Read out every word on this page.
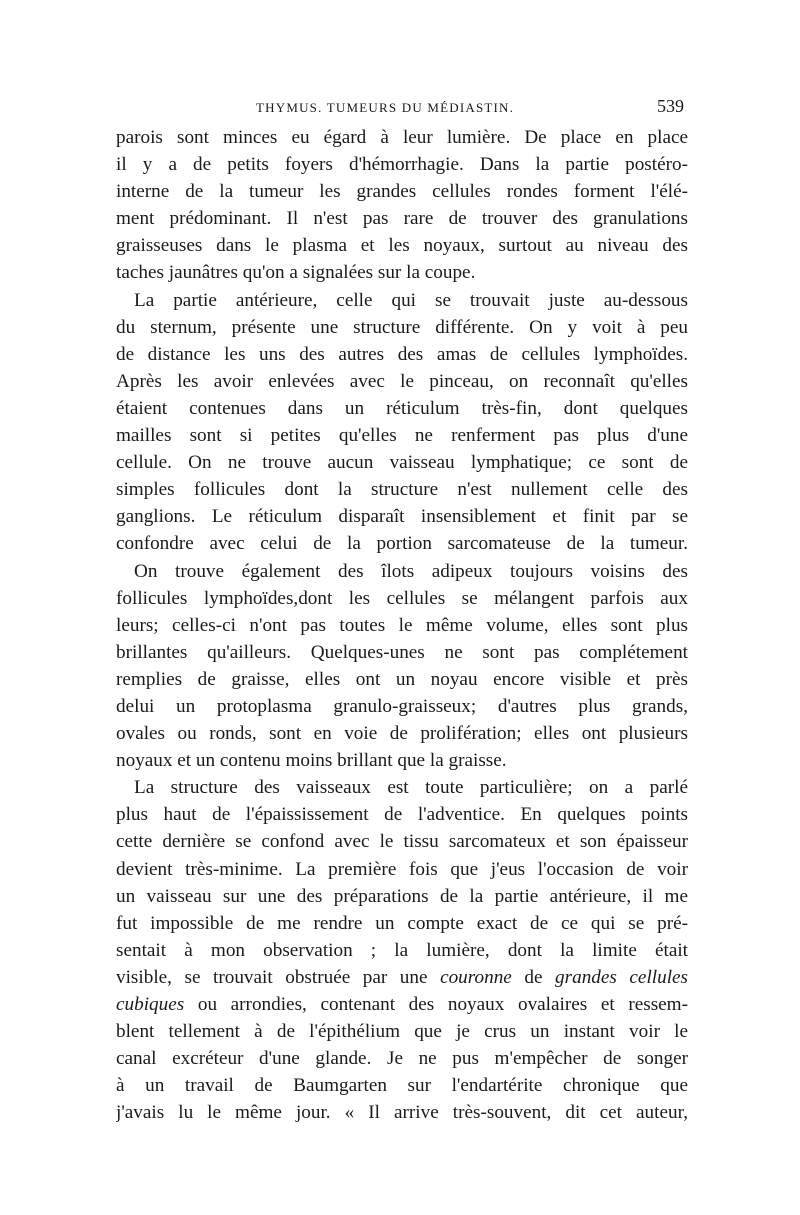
THYMUS. TUMEURS DU MÉDIASTIN.	539
parois sont minces eu égard à leur lumière. De place en place
il y a de petits foyers d'hémorrhagie. Dans la partie postéro-
interne de la tumeur les grandes cellules rondes forment l'élé-
ment prédominant. Il n'est pas rare de trouver des granulations
graisseuses dans le plasma et les noyaux, surtout au niveau des
taches jaunâtres qu'on a signalées sur la coupe.
La partie antérieure, celle qui se trouvait juste au-dessous
du sternum, présente une structure différente. On y voit à peu
de distance les uns des autres des amas de cellules lymphoïdes.
Après les avoir enlevées avec le pinceau, on reconnaît qu'elles
étaient contenues dans un réticulum très-fin, dont quelques
mailles sont si petites qu'elles ne renferment pas plus d'une
cellule. On ne trouve aucun vaisseau lymphatique; ce sont de
simples follicules dont la structure n'est nullement celle des
ganglions. Le réticulum disparaît insensiblement et finit par se
confondre avec celui de la portion sarcomateuse de la tumeur.
On trouve également des îlots adipeux toujours voisins des
follicules lymphoïdes,dont les cellules se mélangent parfois aux
leurs; celles-ci n'ont pas toutes le même volume, elles sont plus
brillantes qu'ailleurs. Quelques-unes ne sont pas complétement
remplies de graisse, elles ont un noyau encore visible et près
delui un protoplasma granulo-graisseux; d'autres plus grands,
ovales ou ronds, sont en voie de prolifération; elles ont plusieurs
noyaux et un contenu moins brillant que la graisse.
La structure des vaisseaux est toute particulière; on a parlé
plus haut de l'épaississement de l'adventice. En quelques points
cette dernière se confond avec le tissu sarcomateux et son épaisseur
devient très-minime. La première fois que j'eus l'occasion de voir
un vaisseau sur une des préparations de la partie antérieure, il me
fut impossible de me rendre un compte exact de ce qui se pré-
sentait à mon observation ; la lumière, dont la limite était
visible, se trouvait obstruée par une couronne de grandes cellules
cubiques ou arrondies, contenant des noyaux ovalaires et ressem-
blent tellement à de l'épithélium que je crus un instant voir le
canal excréteur d'une glande. Je ne pus m'empêcher de songer
à un travail de Baumgarten sur l'endartérite chronique que
j'avais lu le même jour. « Il arrive très-souvent, dit cet auteur,
